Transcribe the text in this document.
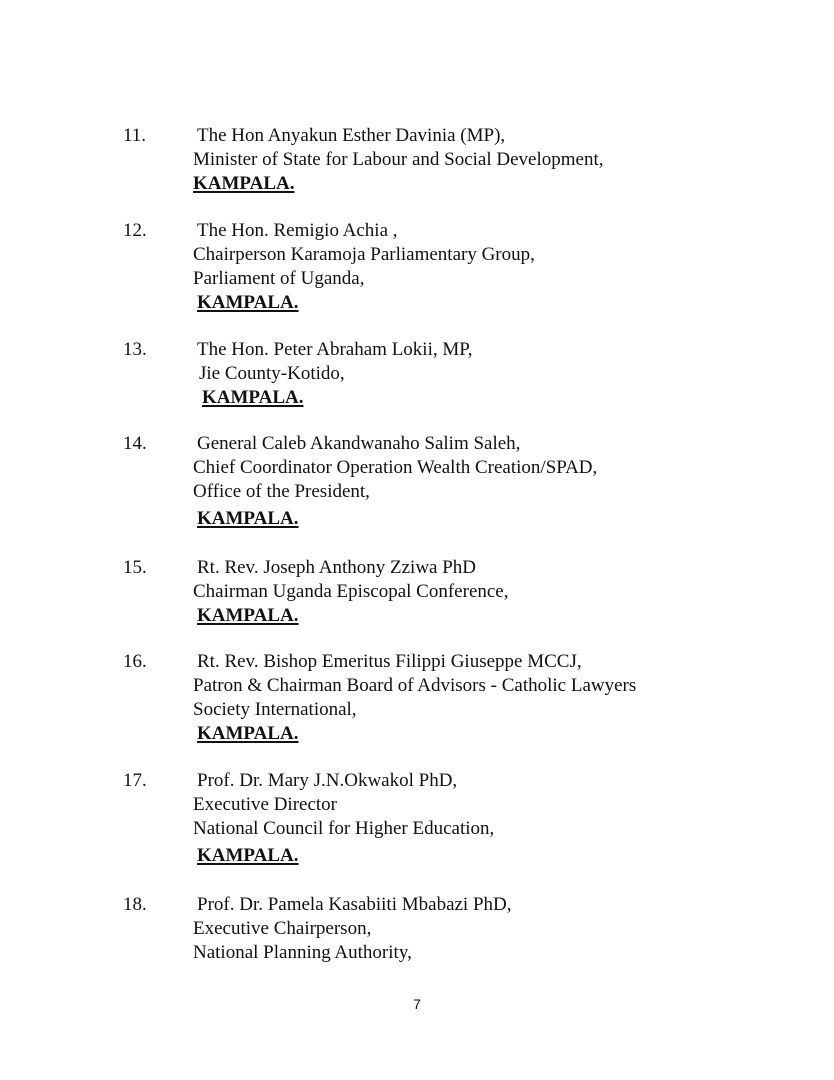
11.	The Hon Anyakun Esther Davinia (MP),
Minister of State for Labour and Social Development,
KAMPALA.
12.	The Hon. Remigio Achia ,
Chairperson Karamoja Parliamentary Group,
Parliament of Uganda,
KAMPALA.
13.	The Hon. Peter Abraham Lokii, MP,
Jie County-Kotido,
KAMPALA.
14.	General Caleb Akandwanaho Salim Saleh,
Chief Coordinator Operation Wealth Creation/SPAD,
Office of the President,
KAMPALA.
15.	Rt. Rev. Joseph Anthony Zziwa PhD
Chairman Uganda Episcopal Conference,
KAMPALA.
16.	Rt. Rev. Bishop Emeritus Filippi Giuseppe MCCJ,
Patron & Chairman Board of Advisors - Catholic Lawyers
Society International,
KAMPALA.
17.	Prof. Dr. Mary J.N.Okwakol PhD,
Executive Director
National Council for Higher Education,
KAMPALA.
18.	Prof. Dr. Pamela Kasabiiti Mbabazi PhD,
Executive Chairperson,
National Planning Authority,
7
